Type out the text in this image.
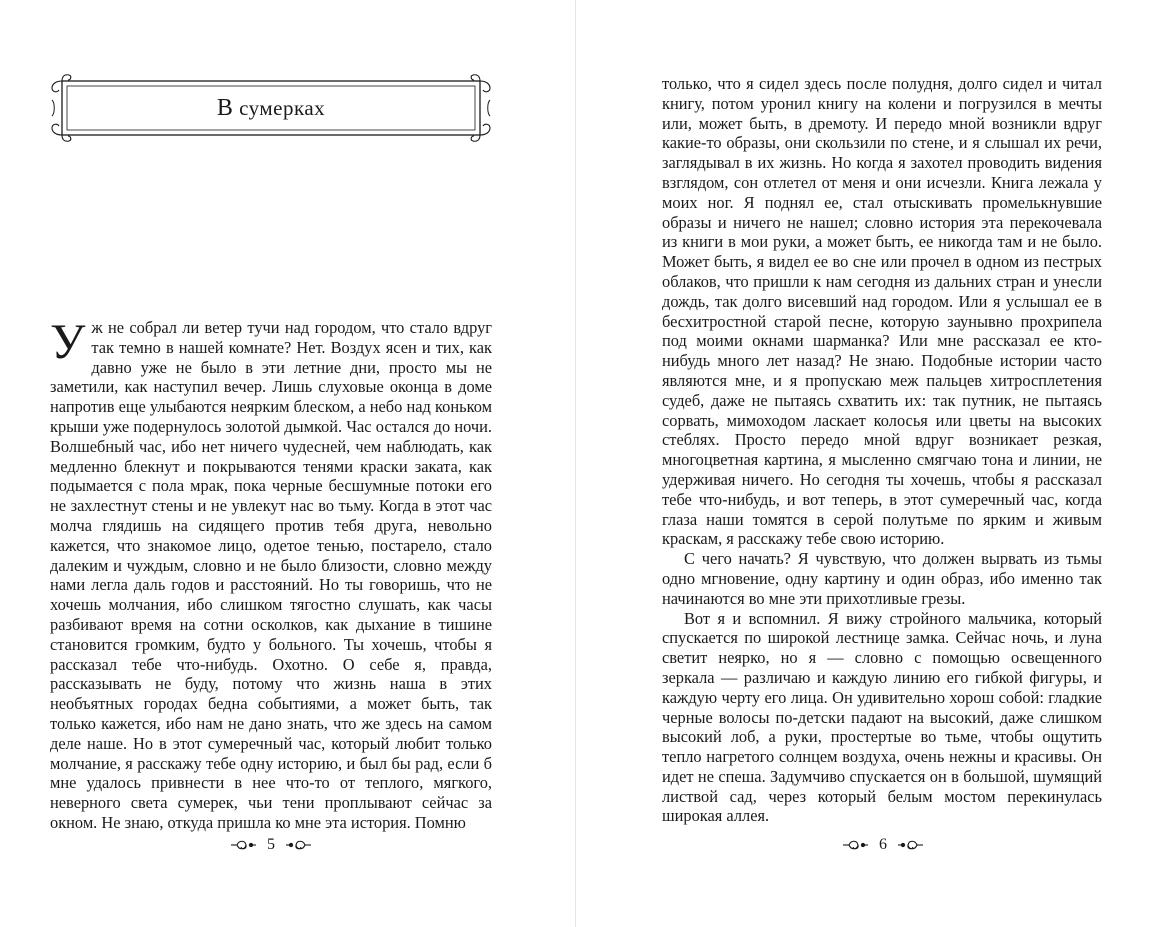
В
сумерках

Уж не собрал ли ветер тучи над городом, что стало вдруг так темно в нашей комнате? Нет. Воздух ясен и тих, как давно уже не было в эти летние дни, просто мы не заметили, как наступил вечер. Лишь слуховые оконца в доме напротив еще улыбаются неярким блеском, а небо над коньком крыши уже подернулось золотой дымкой. Час остался до ночи. Волшебный час, ибо нет ничего чудесней, чем наблюдать, как медленно блекнут и покрываются тенями краски заката, как подымается с пола мрак, пока черные бесшумные потоки его не захлестнут стены и не увлекут нас во тьму. Когда в этот час молча глядишь на сидящего против тебя друга, невольно кажется, что знакомое лицо, одетое тенью, постарело, стало далеким и чуждым, словно и не было близости, словно между нами легла даль годов и расстояний. Но ты говоришь, что не хочешь молчания, ибо слишком тягостно слушать, как часы разбивают время на сотни осколков, как дыхание в тишине становится громким, будто у больного. Ты хочешь, чтобы я рассказал тебе что-нибудь. Охотно. О себе я, правда, рассказывать не буду, потому что жизнь наша в этих необъятных городах бедна событиями, а может быть, так только кажется, ибо нам не дано знать, что же здесь на самом деле наше. Но в этот сумеречный час, который любит только молчание, я расскажу тебе одну историю, и был бы рад, если б мне удалось привнести в нее что-то от теплого, мягкого, неверного света сумерек, чьи тени проплывают сейчас за окном. Не знаю, откуда пришла ко мне эта история. Помню

5

только, что я сидел здесь после полудня, долго сидел и читал книгу, потом уронил книгу на колени и погрузился в мечты или, может быть, в дремоту. И передо мной возникли вдруг какие-то образы, они скользили по стене, и я слышал их речи, заглядывал в их жизнь. Но когда я захотел проводить видения взглядом, сон отлетел от меня и они исчезли. Книга лежала у моих ног. Я поднял ее, стал отыскивать промелькнувшие образы и ничего не нашел; словно история эта перекочевала из книги в мои руки, а может быть, ее никогда там и не было. Может быть, я видел ее во сне или прочел в одном из пестрых облаков, что пришли к нам сегодня из дальних стран и унесли дождь, так долго висевший над городом. Или я услышал ее в бесхитростной старой песне, которую заунывно прохрипела под моими окнами шарманка? Или мне рассказал ее кто-нибудь много лет назад? Не знаю. Подобные истории часто являются мне, и я пропускаю меж пальцев хитросплетения судеб, даже не пытаясь схватить их: так путник, не пытаясь сорвать, мимоходом ласкает колосья или цветы на высоких стеблях. Просто передо мной вдруг возникает резкая, многоцветная картина, я мысленно смягчаю тона и линии, не удерживая ничего. Но сегодня ты хочешь, чтобы я рассказал тебе что-нибудь, и вот теперь, в этот сумеречный час, когда глаза наши томятся в серой полутьме по ярким и живым краскам, я расскажу тебе свою историю.

С чего начать? Я чувствую, что должен вырвать из тьмы одно мгновение, одну картину и один образ, ибо именно так начинаются во мне эти прихотливые грезы.

Вот я и вспомнил. Я вижу стройного мальчика, который спускается по широкой лестнице замка. Сейчас ночь, и луна светит неярко, но я — словно с помощью освещенного зеркала — различаю и каждую линию его гибкой фигуры, и каждую черту его лица. Он удивительно хорош собой: гладкие черные волосы по-детски падают на высокий, даже слишком высокий лоб, а руки, простертые во тьме, чтобы ощутить тепло нагретого солнцем воздуха, очень нежны и красивы. Он идет не спеша. Задумчиво спускается он в большой, шумящий листвой сад, через который белым мостом перекинулась широкая аллея.

6
